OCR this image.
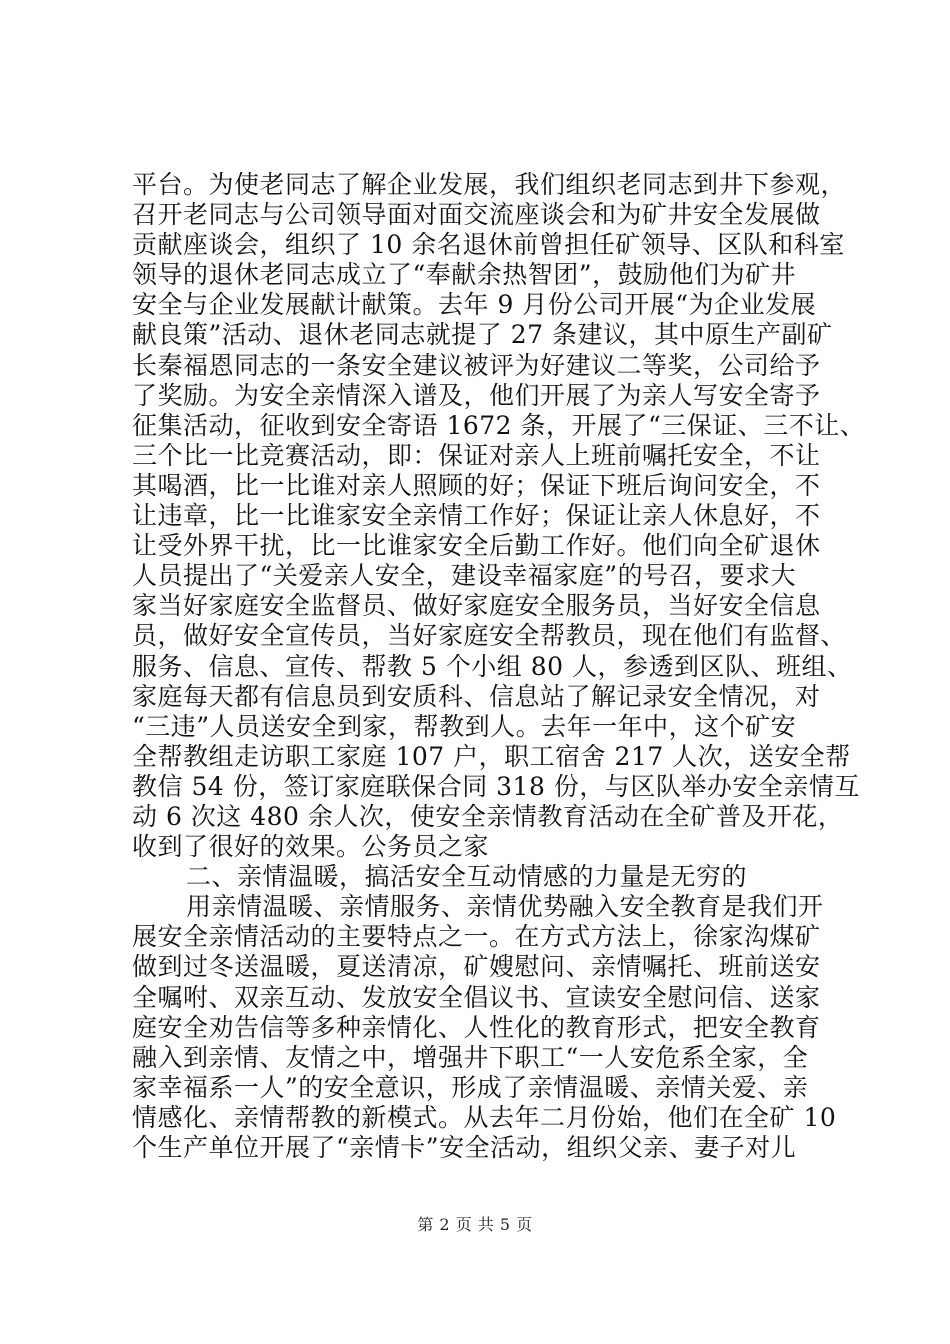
平台。为使老同志了解企业发展，我们组织老同志到井下参观，
召开老同志与公司领导面对面交流座谈会和为矿井安全发展做
贡献座谈会，组织了 10 余名退休前曾担任矿领导、区队和科室
领导的退休老同志成立了“奉献余热智团”，鼓励他们为矿井
安全与企业发展献计献策。去年 9 月份公司开展“为企业发展
献良策”活动、退休老同志就提了 27 条建议，其中原生产副矿
长秦福恩同志的一条安全建议被评为好建议二等奖，公司给予
了奖励。为安全亲情深入谱及，他们开展了为亲人写安全寄予
征集活动，征收到安全寄语 1672 条，开展了“三保证、三不让、
三个比一比竞赛活动，即：保证对亲人上班前嘱托安全，不让
其喝酒，比一比谁对亲人照顾的好；保证下班后询问安全，不
让违章，比一比谁家安全亲情工作好；保证让亲人休息好，不
让受外界干扰，比一比谁家安全后勤工作好。他们向全矿退休
人员提出了“关爱亲人安全，建设幸福家庭”的号召，要求大
家当好家庭安全监督员、做好家庭安全服务员，当好安全信息
员，做好安全宣传员，当好家庭安全帮教员，现在他们有监督、
服务、信息、宣传、帮教 5 个小组 80 人，参透到区队、班组、
家庭每天都有信息员到安质科、信息站了解记录安全情况，对
“三违”人员送安全到家，帮教到人。去年一年中，这个矿安
全帮教组走访职工家庭 107 户，职工宿舍 217 人次，送安全帮
教信 54 份，签订家庭联保合同 318 份，与区队举办安全亲情互
动 6 次这 480 余人次，使安全亲情教育活动在全矿普及开花，
收到了很好的效果。公务员之家
二、亲情温暖，搞活安全互动情感的力量是无穷的
用亲情温暖、亲情服务、亲情优势融入安全教育是我们开
展安全亲情活动的主要特点之一。在方式方法上，徐家沟煤矿
做到过冬送温暖，夏送清凉，矿嫂慰问、亲情嘱托、班前送安
全嘱咐、双亲互动、发放安全倡议书、宣读安全慰问信、送家
庭安全劝告信等多种亲情化、人性化的教育形式，把安全教育
融入到亲情、友情之中，增强井下职工“一人安危系全家，全
家幸福系一人”的安全意识，形成了亲情温暖、亲情关爱、亲
情感化、亲情帮教的新模式。从去年二月份始，他们在全矿 10
个生产单位开展了“亲情卡”安全活动，组织父亲、妻子对儿
第 2 页 共 5 页
